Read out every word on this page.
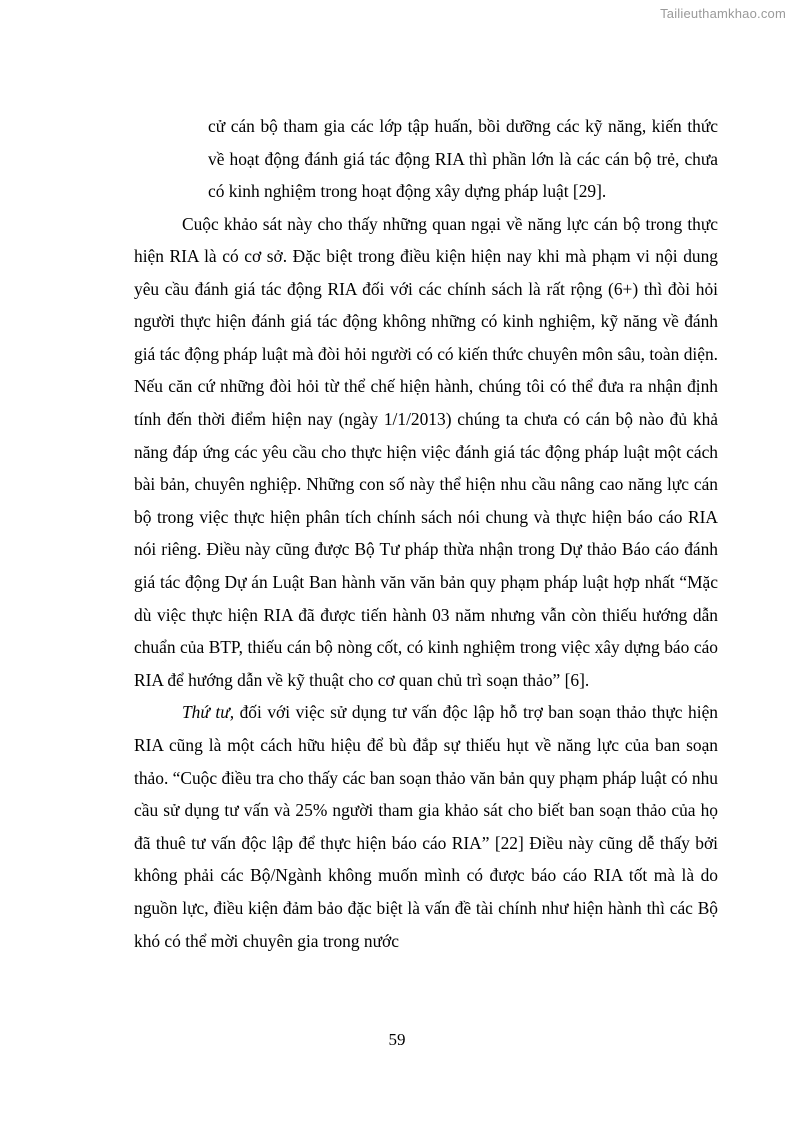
Tailieuthamkhao.com
cử cán bộ tham gia các lớp tập huấn, bồi dưỡng các kỹ năng, kiến thức về hoạt động đánh giá tác động RIA thì phần lớn là các cán bộ trẻ, chưa có kinh nghiệm trong hoạt động xây dựng pháp luật [29].

Cuộc khảo sát này cho thấy những quan ngại về năng lực cán bộ trong thực hiện RIA là có cơ sở. Đặc biệt trong điều kiện hiện nay khi mà phạm vi nội dung yêu cầu đánh giá tác động RIA đối với các chính sách là rất rộng (6+) thì đòi hỏi người thực hiện đánh giá tác động không những có kinh nghiệm, kỹ năng về đánh giá tác động pháp luật mà đòi hỏi người có có kiến thức chuyên môn sâu, toàn diện. Nếu căn cứ những đòi hỏi từ thể chế hiện hành, chúng tôi có thể đưa ra nhận định tính đến thời điểm hiện nay (ngày 1/1/2013) chúng ta chưa có cán bộ nào đủ khả năng đáp ứng các yêu cầu cho thực hiện việc đánh giá tác động pháp luật một cách bài bản, chuyên nghiệp. Những con số này thể hiện nhu cầu nâng cao năng lực cán bộ trong việc thực hiện phân tích chính sách nói chung và thực hiện báo cáo RIA nói riêng. Điều này cũng được Bộ Tư pháp thừa nhận trong Dự thảo Báo cáo đánh giá tác động Dự án Luật Ban hành văn văn bản quy phạm pháp luật hợp nhất “Mặc dù việc thực hiện RIA đã được tiến hành 03 năm nhưng vẫn còn thiếu hướng dẫn chuẩn của BTP, thiếu cán bộ nòng cốt, có kinh nghiệm trong việc xây dựng báo cáo RIA để hướng dẫn về kỹ thuật cho cơ quan chủ trì soạn thảo” [6].

Thứ tư, đối với việc sử dụng tư vấn độc lập hỗ trợ ban soạn thảo thực hiện RIA cũng là một cách hữu hiệu để bù đắp sự thiếu hụt về năng lực của ban soạn thảo. “Cuộc điều tra cho thấy các ban soạn thảo văn bản quy phạm pháp luật có nhu cầu sử dụng tư vấn và 25% người tham gia khảo sát cho biết ban soạn thảo của họ đã thuê tư vấn độc lập để thực hiện báo cáo RIA” [22] Điều này cũng dễ thấy bởi không phải các Bộ/Ngành không muốn mình có được báo cáo RIA tốt mà là do nguồn lực, điều kiện đảm bảo đặc biệt là vấn đề tài chính như hiện hành thì các Bộ khó có thể mời chuyên gia trong nước

59
